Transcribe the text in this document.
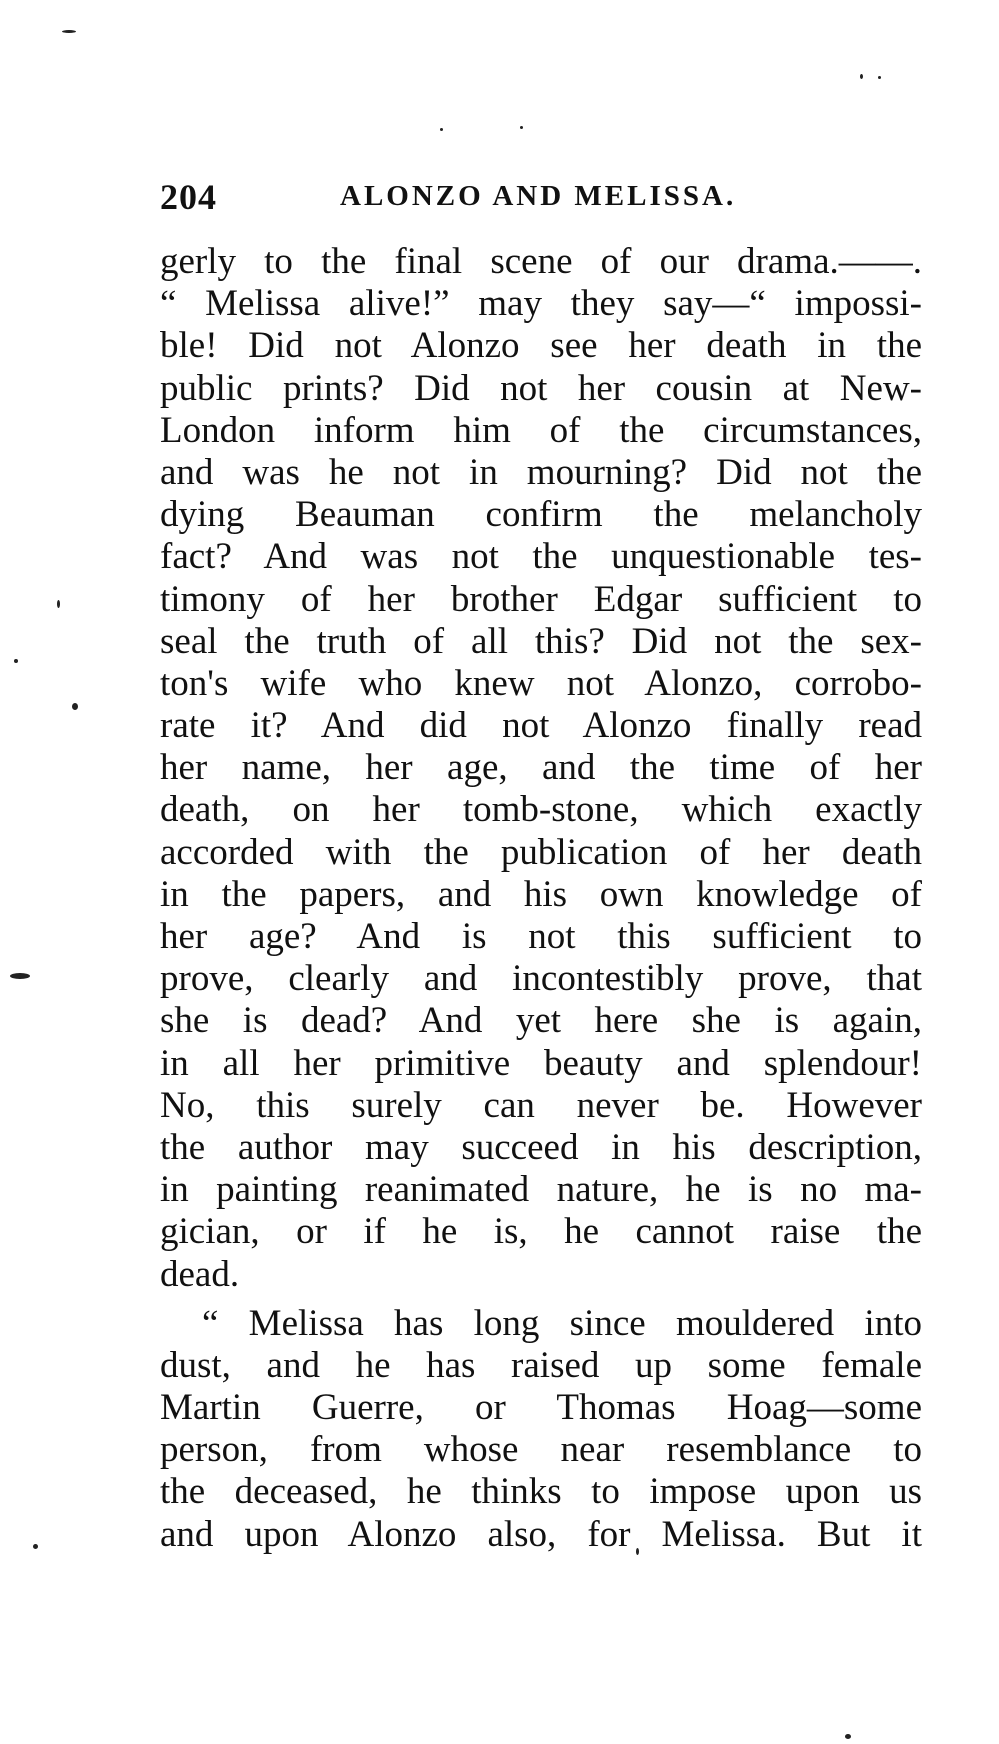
204	ALONZO AND MELISSA.
gerly to the final scene of our drama.——.
“ Melissa alive!” may they say—“ impossi-
ble! Did not Alonzo see her death in the
public prints? Did not her cousin at New-
London inform him of the circumstances,
and was he not in mourning? Did not the
dying Beauman confirm the melancholy
fact? And was not the unquestionable tes-
timony of her brother Edgar sufficient to
seal the truth of all this? Did not the sex-
ton's wife who knew not Alonzo, corrobo-
rate it? And did not Alonzo finally read
her name, her age, and the time of her
death, on her tomb-stone, which exactly
accorded with the publication of her death
in the papers, and his own knowledge of
her age? And is not this sufficient to
prove, clearly and incontestibly prove, that
she is dead? And yet here she is again,
in all her primitive beauty and splendour!
No, this surely can never be. However
the author may succeed in his description,
in painting reanimated nature, he is no ma-
gician, or if he is, he cannot raise the
dead.
“ Melissa has long since mouldered into
dust, and he has raised up some female
Martin Guerre, or Thomas Hoag—some
person, from whose near resemblance to
the deceased, he thinks to impose upon us
and upon Alonzo also, for Melissa. But it
